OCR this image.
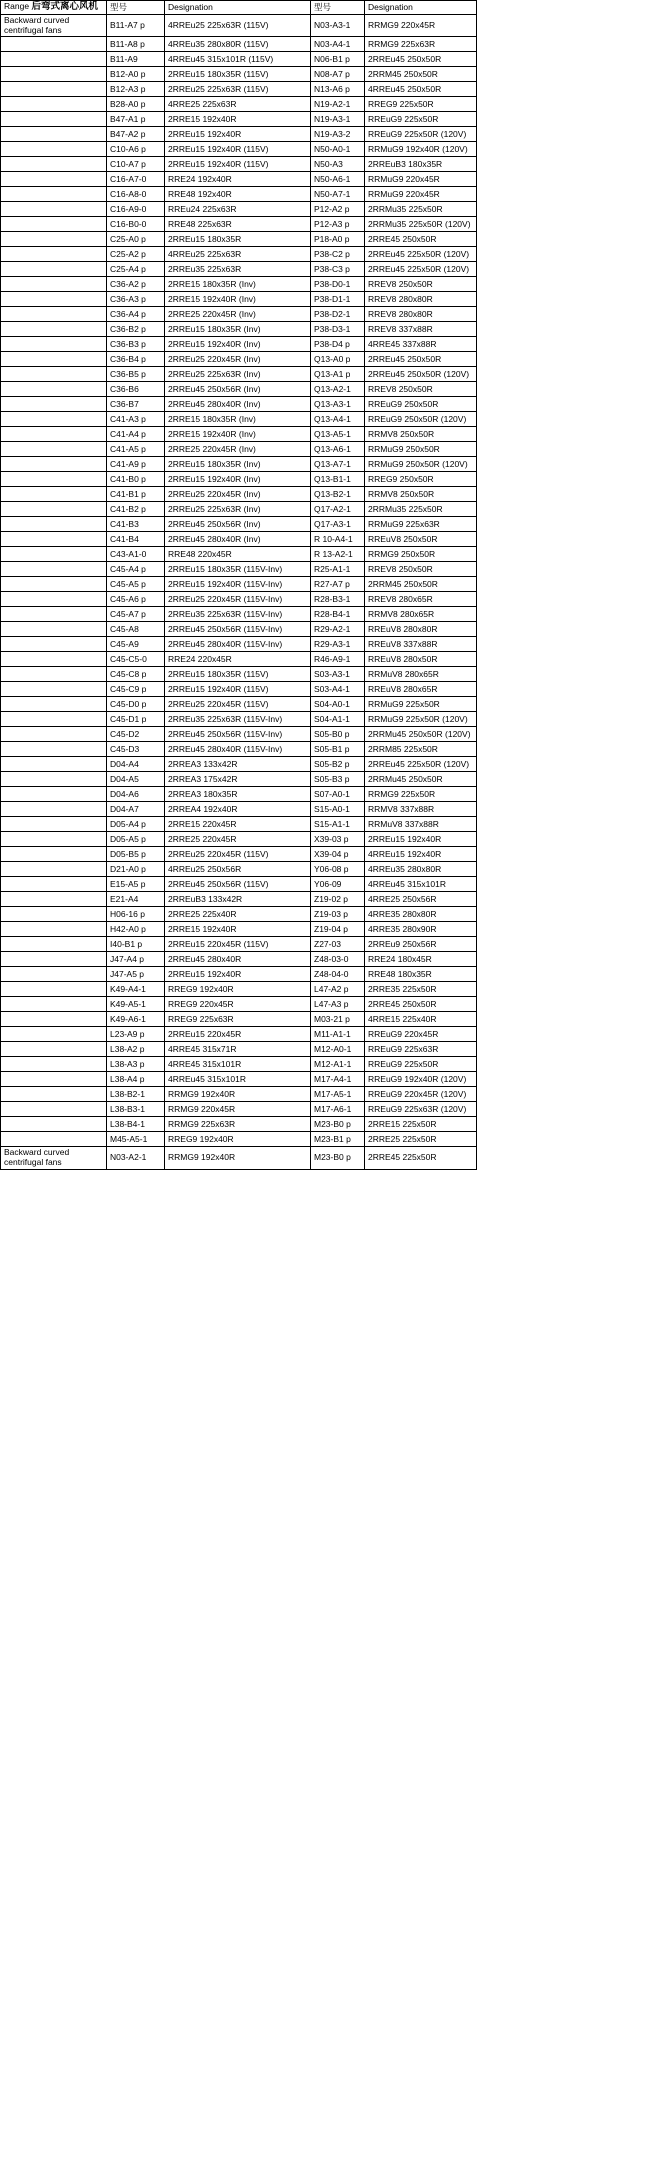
Range 后弯式离心风机	型号	Designation	型号	Designation
Backward curved centrifugal fans	B11-A7 p	4RREu25 225x63R (115V)	N03-A3-1	RRMG9 220x45R
	B11-A8 p	4RREu35 280x80R (115V)	N03-A4-1	RRMG9 225x63R
	B11-A9	4RREu45 315x101R (115V)	N06-B1 p	2RREu45 250x50R
	B12-A0 p	2RREu15 180x35R (115V)	N08-A7 p	2RRM45 250x50R
	B12-A3 p	2RREu25 225x63R (115V)	N13-A6 p	4RREu45 250x50R
	B28-A0 p	4RRE25 225x63R	N19-A2-1	RREG9 225x50R
	B47-A1 p	2RRE15 192x40R	N19-A3-1	RREuG9 225x50R
	B47-A2 p	2RREu15 192x40R	N19-A3-2	RREuG9 225x50R (120V)
	C10-A6 p	2RREu15 192x40R (115V)	N50-A0-1	RRMuG9 192x40R (120V)
	C10-A7 p	2RREu15 192x40R (115V)	N50-A3	2RREuB3 180x35R
	C16-A7-0	RRE24 192x40R	N50-A6-1	RRMuG9 220x45R
	C16-A8-0	RRE48 192x40R	N50-A7-1	RRMuG9 220x45R
	C16-A9-0	RREu24 225x63R	P12-A2 p	2RRMu35 225x50R
	C16-B0-0	RRE48 225x63R	P12-A3 p	2RRMu35 225x50R (120V)
	C25-A0 p	2RREu15 180x35R	P18-A0 p	2RRE45 250x50R
	C25-A2 p	4RREu25 225x63R	P38-C2 p	2RREu45 225x50R (120V)
	C25-A4 p	2RREu35 225x63R	P38-C3 p	2RREu45 225x50R (120V)
	C36-A2 p	2RRE15 180x35R (Inv)	P38-D0-1	RREV8 250x50R
	C36-A3 p	2RRE15 192x40R (Inv)	P38-D1-1	RREV8 280x80R
	C36-A4 p	2RRE25 220x45R (Inv)	P38-D2-1	RREV8 280x80R
	C36-B2 p	2RREu15 180x35R (Inv)	P38-D3-1	RREV8 337x88R
	C36-B3 p	2RREu15 192x40R (Inv)	P38-D4 p	4RRE45 337x88R
	C36-B4 p	2RREu25 220x45R (Inv)	Q13-A0 p	2RREu45 250x50R
	C36-B5 p	2RREu25 225x63R (Inv)	Q13-A1 p	2RREu45 250x50R (120V)
	C36-B6	2RREu45 250x56R (Inv)	Q13-A2-1	RREV8 250x50R
	C36-B7	2RREu45 280x40R (Inv)	Q13-A3-1	RREuG9 250x50R
	C41-A3 p	2RRE15 180x35R (Inv)	Q13-A4-1	RREuG9 250x50R (120V)
	C41-A4 p	2RRE15 192x40R (Inv)	Q13-A5-1	RRMV8 250x50R
	C41-A5 p	2RRE25 220x45R (Inv)	Q13-A6-1	RRMuG9 250x50R
	C41-A9 p	2RREu15 180x35R (Inv)	Q13-A7-1	RRMuG9 250x50R (120V)
	C41-B0 p	2RREu15 192x40R (Inv)	Q13-B1-1	RREG9 250x50R
	C41-B1 p	2RREu25 220x45R (Inv)	Q13-B2-1	RRMV8 250x50R
	C41-B2 p	2RREu25 225x63R (Inv)	Q17-A2-1	2RRMu35 225x50R
	C41-B3	2RREu45 250x56R (Inv)	Q17-A3-1	RRMuG9 225x63R
	C41-B4	2RREu45 280x40R (Inv)	R 10-A4-1	RREuV8 250x50R
	C43-A1-0	RRE48 220x45R	R 13-A2-1	RRMG9 250x50R
	C45-A4 p	2RREu15 180x35R (115V-Inv)	R25-A1-1	RREV8 250x50R
	C45-A5 p	2RREu15 192x40R (115V-Inv)	R27-A7 p	2RRM45 250x50R
	C45-A6 p	2RREu25 220x45R (115V-Inv)	R28-B3-1	RREV8 280x65R
	C45-A7 p	2RREu35 225x63R (115V-Inv)	R28-B4-1	RRMV8 280x65R
	C45-A8	2RREu45 250x56R (115V-Inv)	R29-A2-1	RREuV8 280x80R
	C45-A9	2RREu45 280x40R (115V-Inv)	R29-A3-1	RREuV8 337x88R
	C45-C5-0	RRE24 220x45R	R46-A9-1	RREuV8 280x50R
	C45-C8 p	2RREu15 180x35R (115V)	S03-A3-1	RRMuV8 280x65R
	C45-C9 p	2RREu15 192x40R (115V)	S03-A4-1	RREuV8 280x65R
	C45-D0 p	2RREu25 220x45R (115V)	S04-A0-1	RRMuG9 225x50R
	C45-D1 p	2RREu35 225x63R (115V-Inv)	S04-A1-1	RRMuG9 225x50R (120V)
	C45-D2	2RREu45 250x56R (115V-Inv)	S05-B0 p	2RRMu45 250x50R (120V)
	C45-D3	2RREu45 280x40R (115V-Inv)	S05-B1 p	2RRM85 225x50R
	D04-A4	2RREA3 133x42R	S05-B2 p	2RREu45 225x50R (120V)
	D04-A5	2RREA3 175x42R	S05-B3 p	2RRMu45 250x50R
	D04-A6	2RREA3 180x35R	S07-A0-1	RRMG9 225x50R
	D04-A7	2RREA4 192x40R	S15-A0-1	RRMV8 337x88R
	D05-A4 p	2RRE15 220x45R	S15-A1-1	RRMuV8 337x88R
	D05-A5 p	2RRE25 220x45R	X39-03 p	2RREu15 192x40R
	D05-B5 p	2RREu25 220x45R (115V)	X39-04 p	4RREu15 192x40R
	D21-A0 p	4RREu25 250x56R	Y06-08 p	4RREu35 280x80R
	E15-A5 p	2RREu45 250x56R (115V)	Y06-09	4RREu45 315x101R
	E21-A4	2RREuB3 133x42R	Z19-02 p	4RRE25 250x56R
	H06-16 p	2RRE25 225x40R	Z19-03 p	4RRE35 280x80R
	H42-A0 p	2RRE15 192x40R	Z19-04 p	4RRE35 280x90R
	I40-B1 p	2RREu15 220x45R (115V)	Z27-03	2RREu9 250x56R
	J47-A4 p	2RREu45 280x40R	Z48-03-0	RRE24 180x45R
	J47-A5 p	2RREu15 192x40R	Z48-04-0	RRE48 180x35R
	K49-A4-1	RREG9 192x40R	L47-A2 p	2RRE35 225x50R
	K49-A5-1	RREG9 220x45R	L47-A3 p	2RRE45 250x50R
	K49-A6-1	RREG9 225x63R	M03-21 p	4RRE15 225x40R
	L23-A9 p	2RREu15 220x45R	M11-A1-1	RREuG9 220x45R
	L38-A2 p	4RRE45 315x71R	M12-A0-1	RREuG9 225x63R
	L38-A3 p	4RRE45 315x101R	M12-A1-1	RREuG9 225x50R
	L38-A4 p	4RREu45 315x101R	M17-A4-1	RREuG9 192x40R (120V)
	L38-B2-1	RRMG9 192x40R	M17-A5-1	RREuG9 220x45R (120V)
	L38-B3-1	RRMG9 220x45R	M17-A6-1	RREuG9 225x63R (120V)
	L38-B4-1	RRMG9 225x63R	M23-B0 p	2RRE15 225x50R
	M45-A5-1	RREG9 192x40R	M23-B1 p	2RRE25 225x50R
Backward curved centrifugal fans	N03-A2-1	RRMG9 192x40R	M23-B0 p	2RRE45 225x50R
